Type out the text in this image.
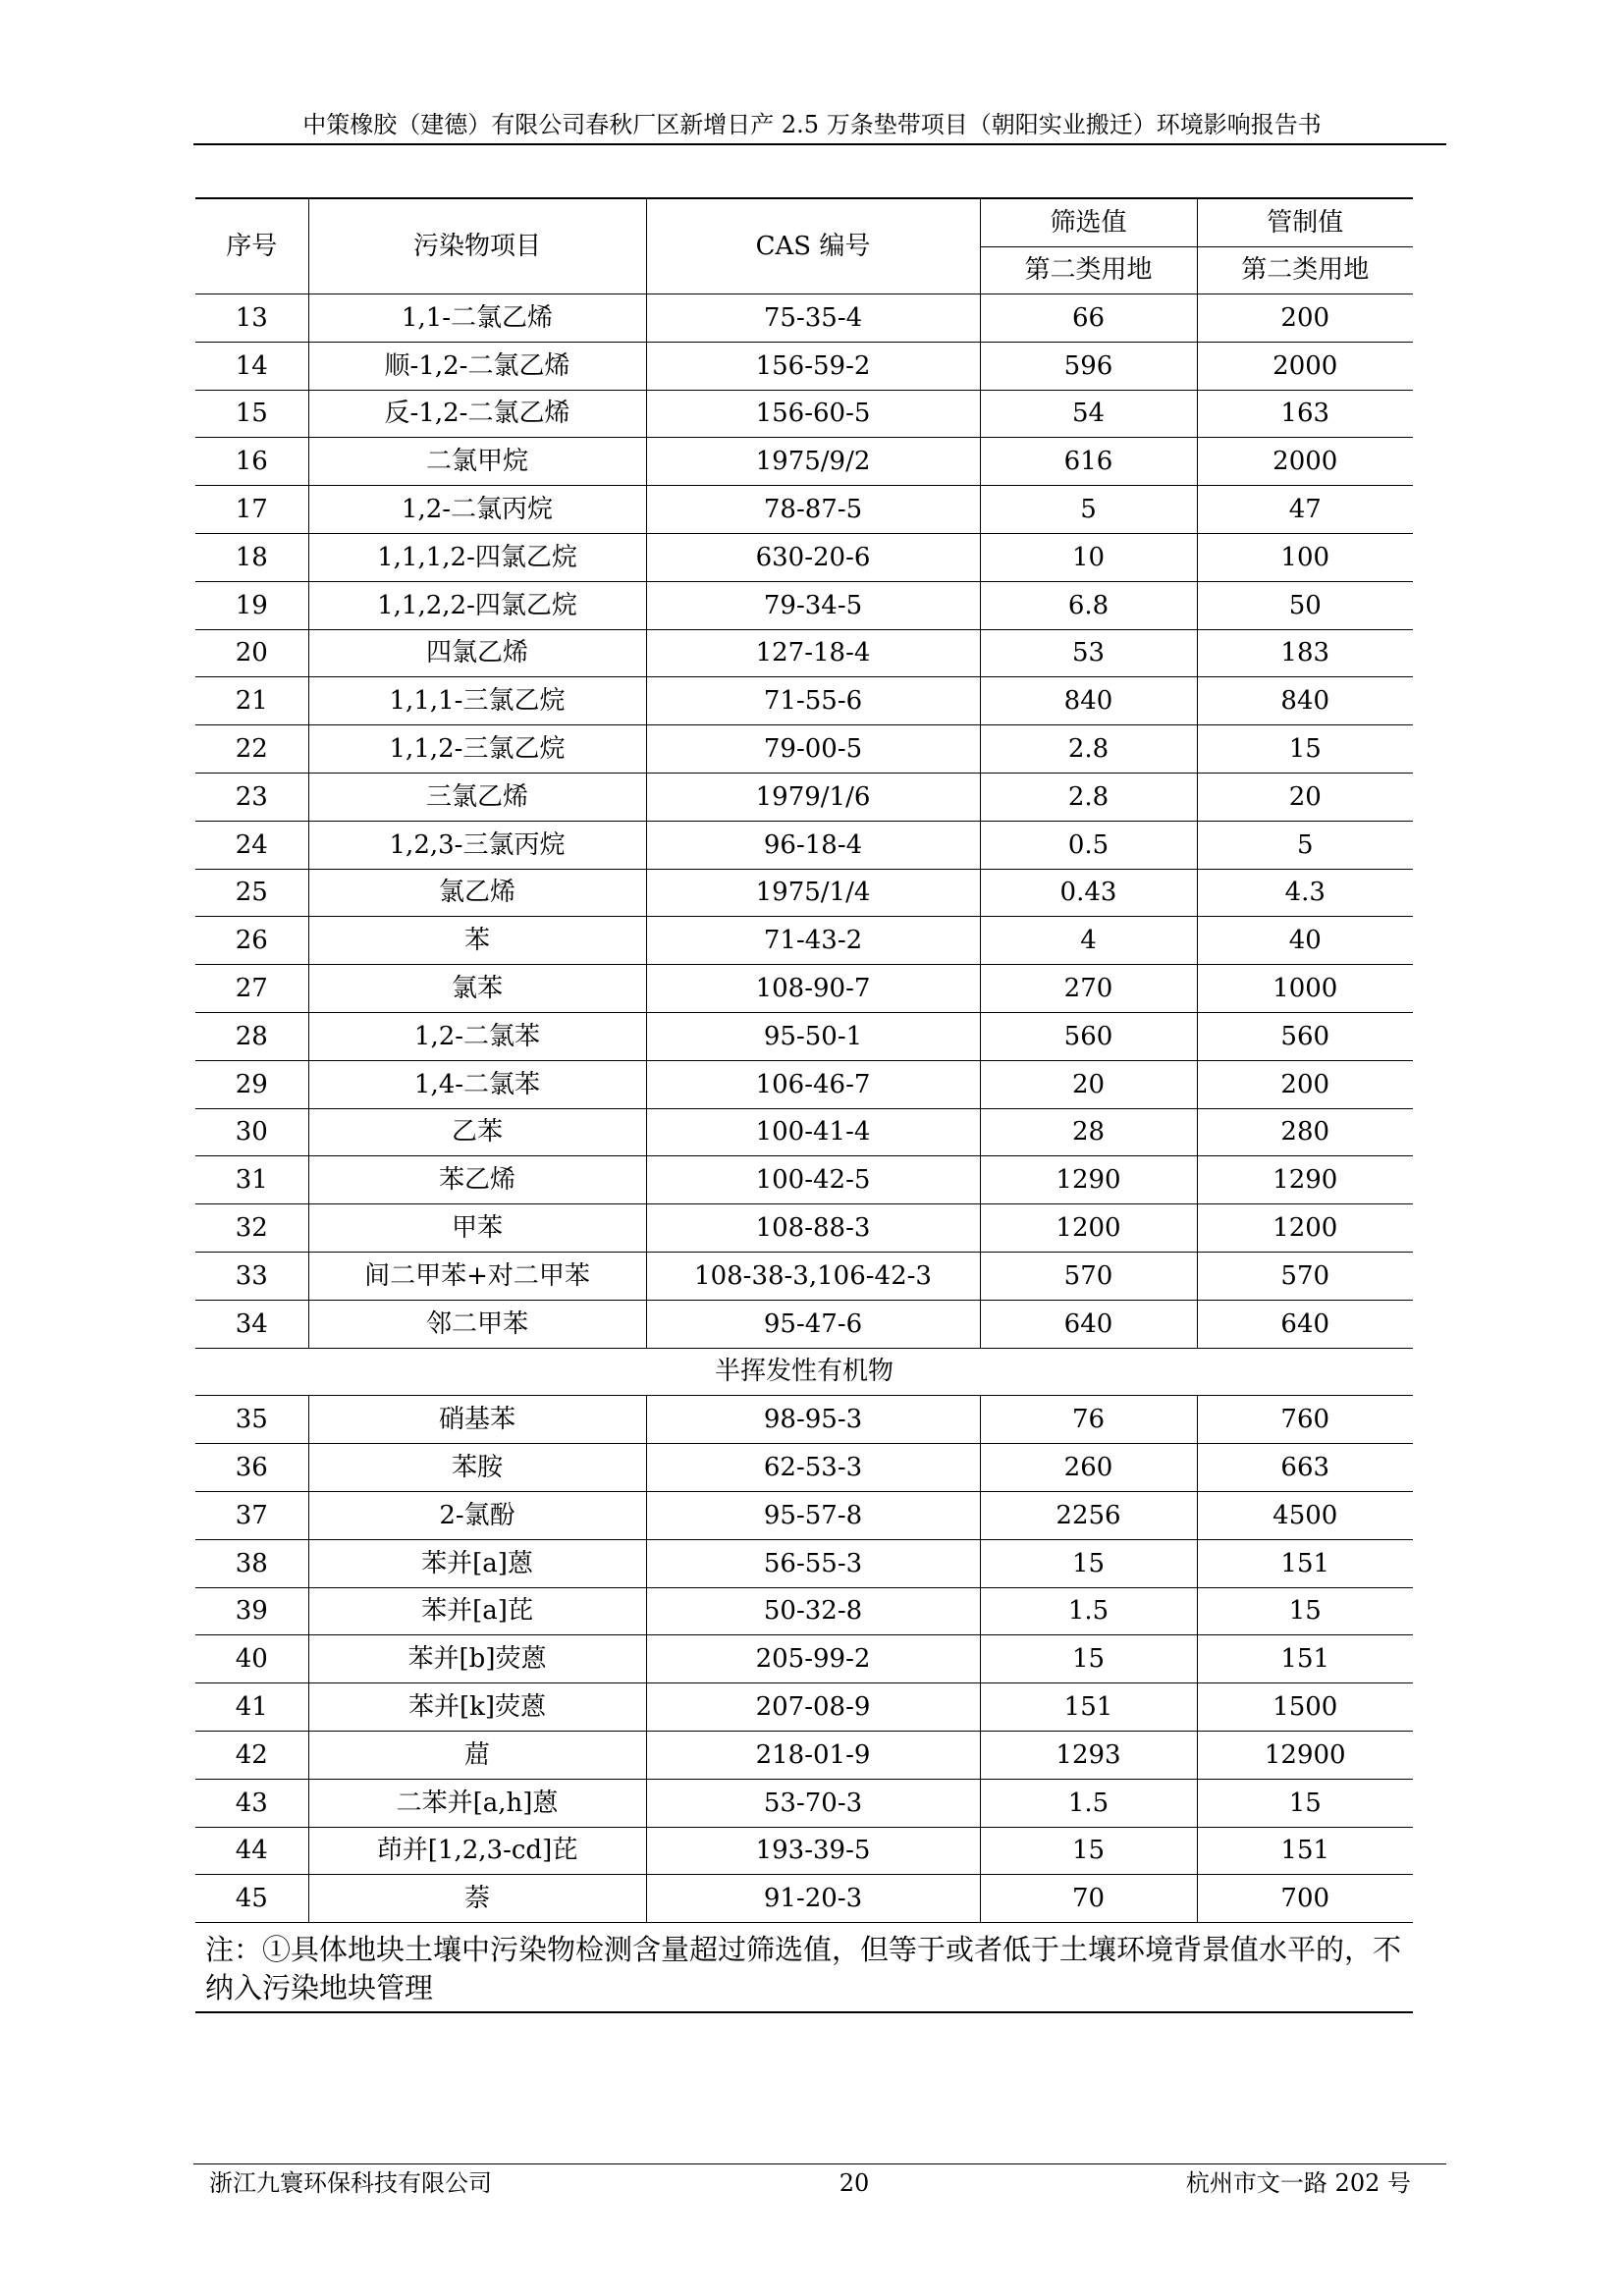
中策橡胶（建德）有限公司春秋厂区新增日产 2.5 万条垫带项目（朝阳实业搬迁）环境影响报告书
序号	污染物项目	CAS 编号	筛选值	管制值
			第二类用地	第二类用地
13	1,1-二氯乙烯	75-35-4	66	200
14	顺-1,2-二氯乙烯	156-59-2	596	2000
15	反-1,2-二氯乙烯	156-60-5	54	163
16	二氯甲烷	1975/9/2	616	2000
17	1,2-二氯丙烷	78-87-5	5	47
18	1,1,1,2-四氯乙烷	630-20-6	10	100
19	1,1,2,2-四氯乙烷	79-34-5	6.8	50
20	四氯乙烯	127-18-4	53	183
21	1,1,1-三氯乙烷	71-55-6	840	840
22	1,1,2-三氯乙烷	79-00-5	2.8	15
23	三氯乙烯	1979/1/6	2.8	20
24	1,2,3-三氯丙烷	96-18-4	0.5	5
25	氯乙烯	1975/1/4	0.43	4.3
26	苯	71-43-2	4	40
27	氯苯	108-90-7	270	1000
28	1,2-二氯苯	95-50-1	560	560
29	1,4-二氯苯	106-46-7	20	200
30	乙苯	100-41-4	28	280
31	苯乙烯	100-42-5	1290	1290
32	甲苯	108-88-3	1200	1200
33	间二甲苯+对二甲苯	108-38-3,106-42-3	570	570
34	邻二甲苯	95-47-6	640	640
半挥发性有机物				
35	硝基苯	98-95-3	76	760
36	苯胺	62-53-3	260	663
37	2-氯酚	95-57-8	2256	4500
38	苯并[a]蒽	56-55-3	15	151
39	苯并[a]芘	50-32-8	1.5	15
40	苯并[b]荧蒽	205-99-2	15	151
41	苯并[k]荧蒽	207-08-9	151	1500
42	䓛	218-01-9	1293	12900
43	二苯并[a,h]蒽	53-70-3	1.5	15
44	茚并[1,2,3-cd]芘	193-39-5	15	151
45	萘	91-20-3	70	700
注：①具体地块土壤中污染物检测含量超过筛选值，但等于或者低于土壤环境背景值水平的，不纳入污染地块管理				
浙江九寰环保科技有限公司	20	杭州市文一路 202 号
